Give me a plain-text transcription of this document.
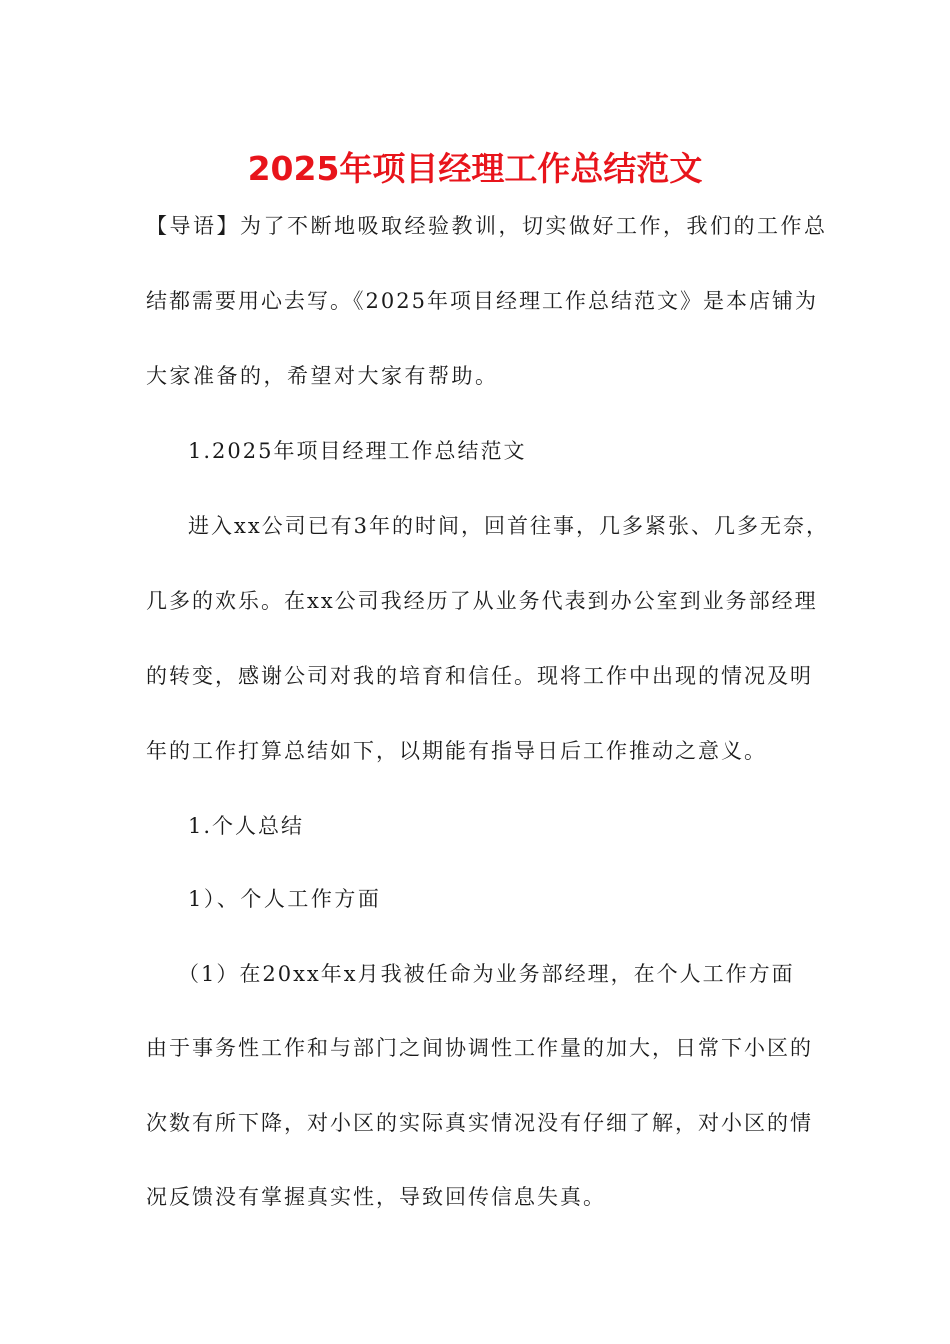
2025年项目经理工作总结范文
【导语】为了不断地吸取经验教训，切实做好工作，我们的工作总
结都需要用心去写。《2025年项目经理工作总结范文》是本店铺为
大家准备的，希望对大家有帮助。
1.2025年项目经理工作总结范文
进入xx公司已有3年的时间，回首往事，几多紧张、几多无奈，
几多的欢乐。在xx公司我经历了从业务代表到办公室到业务部经理
的转变，感谢公司对我的培育和信任。现将工作中出现的情况及明
年的工作打算总结如下，以期能有指导日后工作推动之意义。
1.个人总结
1）、个人工作方面
（1）在20xx年x月我被任命为业务部经理，在个人工作方面
由于事务性工作和与部门之间协调性工作量的加大，日常下小区的
次数有所下降，对小区的实际真实情况没有仔细了解，对小区的情
况反馈没有掌握真实性，导致回传信息失真。
